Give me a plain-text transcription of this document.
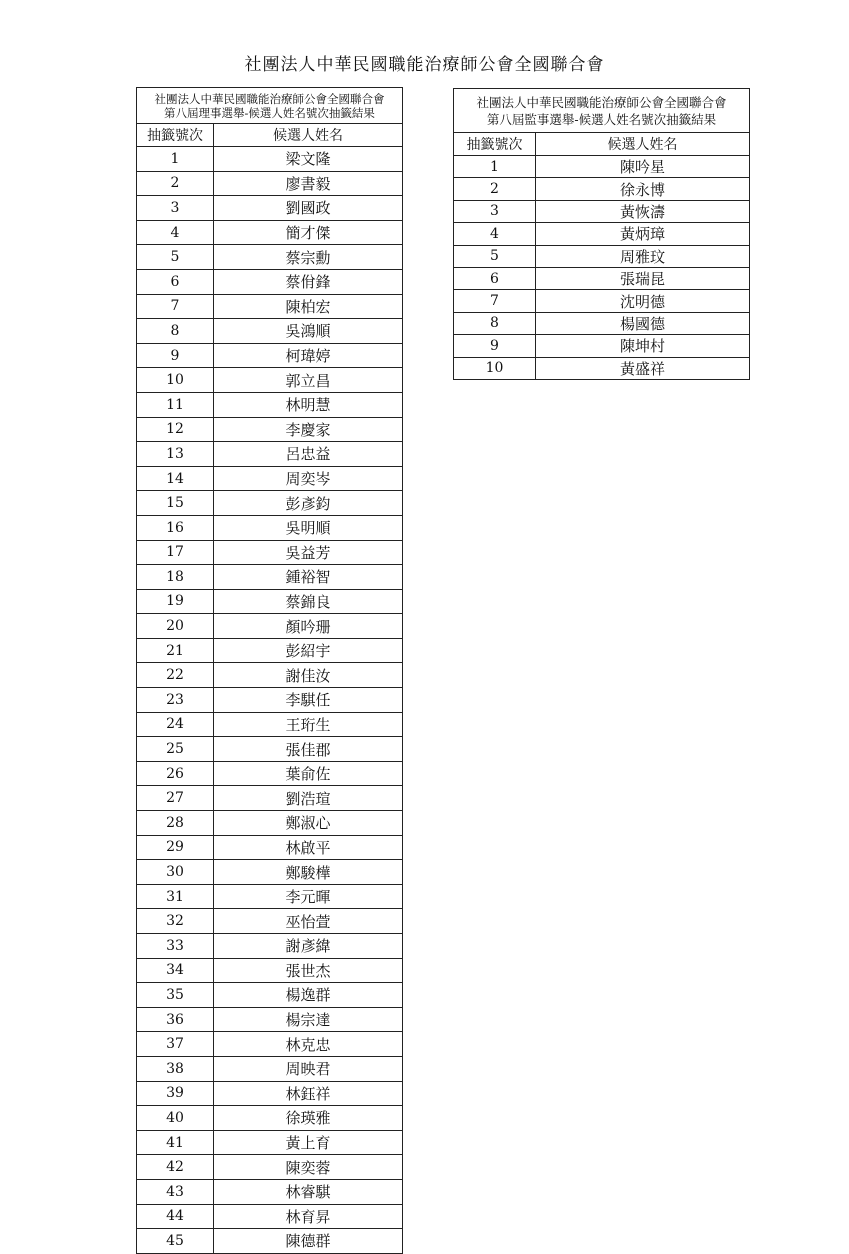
社團法人中華民國職能治療師公會全國聯合會
社團法人中華民國職能治療師公會全國聯合會
第八屆理事選舉-候選人姓名號次抽籤結果	

抽籤號次	候選人姓名
1	梁文隆
2	廖書毅
3	劉國政
4	簡才傑
5	蔡宗勳
6	蔡佾鋒
7	陳柏宏
8	吳鴻順
9	柯瑋婷
10	郭立昌
11	林明慧
12	李慶家
13	呂忠益
14	周奕岑
15	彭彥鈞
16	吳明順
17	吳益芳
18	鍾裕智
19	蔡錦良
20	顏吟珊
21	彭紹宇
22	謝佳汝
23	李騏任
24	王珩生
25	張佳郡
26	葉俞佐
27	劉浩瑄
28	鄭淑心
29	林啟平
30	鄭駿樺
31	李元暉
32	巫怡萱
33	謝彥緯
34	張世杰
35	楊逸群
36	楊宗達
37	林克忠
38	周映君
39	林鈺祥
40	徐瑛雅
41	黃上育
42	陳奕蓉
43	林睿騏
44	林育昇
45	陳德群
社團法人中華民國職能治療師公會全國聯合會
第八屆監事選舉-候選人姓名號次抽籤結果	

抽籤號次	候選人姓名
1	陳吟星
2	徐永博
3	黃恢濤
4	黃炳璋
5	周雅玟
6	張瑞昆
7	沈明德
8	楊國德
9	陳坤村
10	黃盛祥
